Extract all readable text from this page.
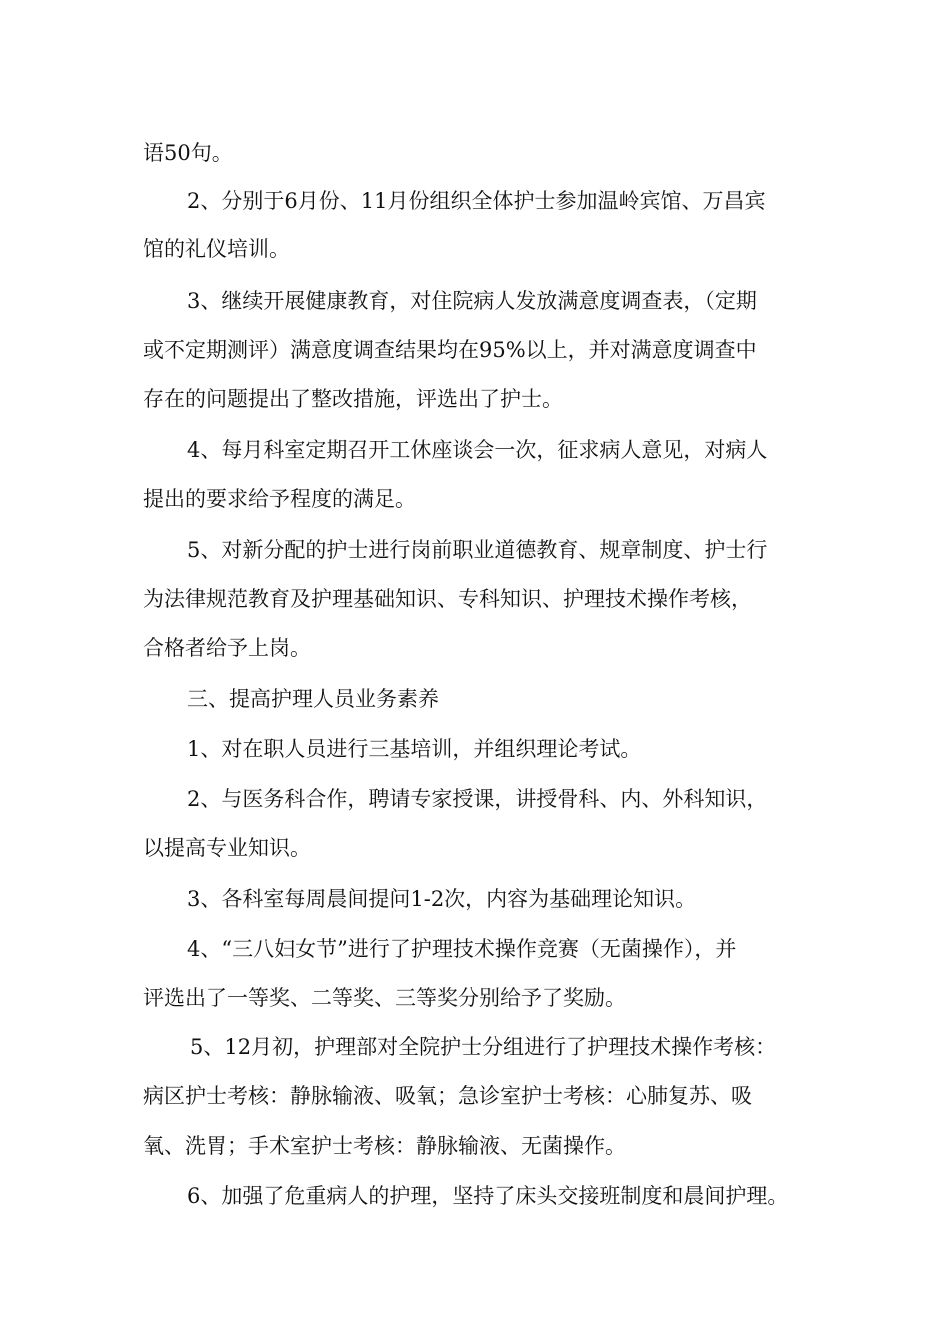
语50句。
2、分别于6月份、11月份组织全体护士参加温岭宾馆、万昌宾
馆的礼仪培训。
3、继续开展健康教育，对住院病人发放满意度调查表，（定期
或不定期测评）满意度调查结果均在95%以上，并对满意度调查中
存在的问题提出了整改措施，评选出了护士。
4、每月科室定期召开工休座谈会一次，征求病人意见，对病人
提出的要求给予程度的满足。
5、对新分配的护士进行岗前职业道德教育、规章制度、护士行
为法律规范教育及护理基础知识、专科知识、护理技术操作考核，
合格者给予上岗。
三、提高护理人员业务素养
1、对在职人员进行三基培训，并组织理论考试。
2、与医务科合作，聘请专家授课，讲授骨科、内、外科知识，
以提高专业知识。
3、各科室每周晨间提问1-2次，内容为基础理论知识。
4、“三八妇女节”进行了护理技术操作竞赛（无菌操作），并
评选出了一等奖、二等奖、三等奖分别给予了奖励。
5、12月初，护理部对全院护士分组进行了护理技术操作考核：
病区护士考核：静脉输液、吸氧；急诊室护士考核：心肺复苏、吸
氧、洗胃；手术室护士考核：静脉输液、无菌操作。
6、加强了危重病人的护理，坚持了床头交接班制度和晨间护理。
